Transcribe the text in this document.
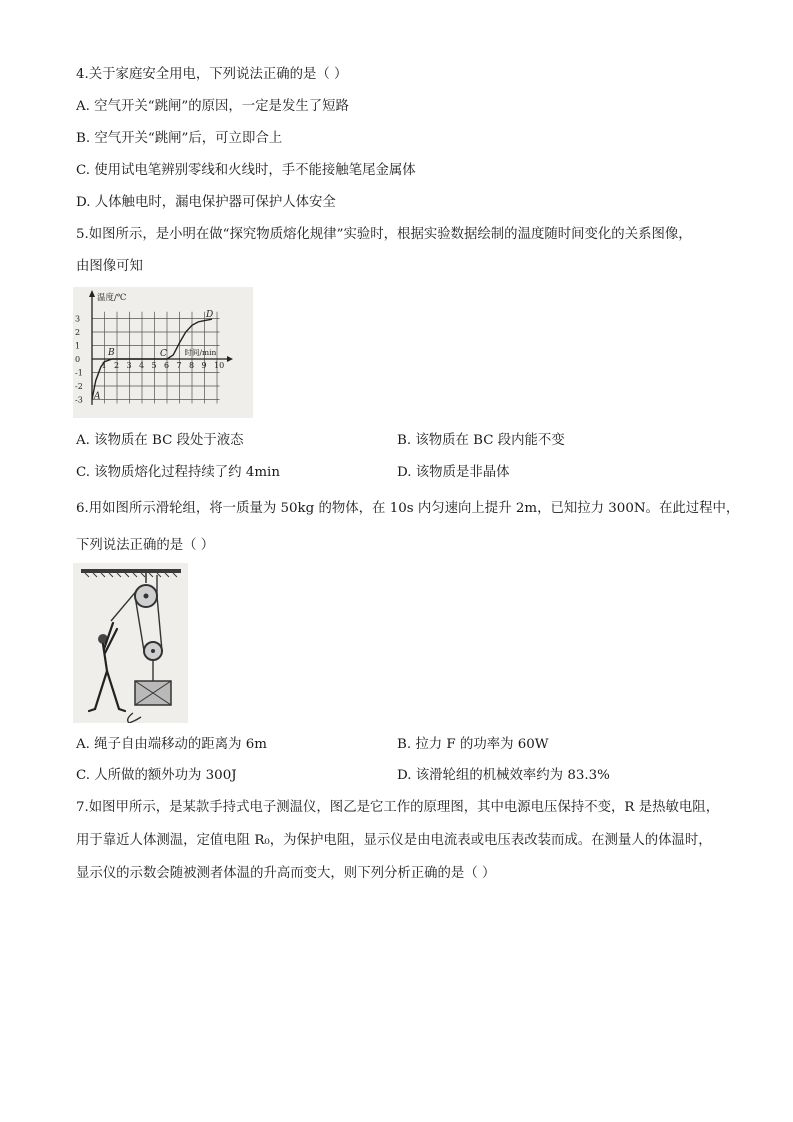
4.关于家庭安全用电，下列说法正确的是（ ）
A. 空气开关“跳闸”的原因，一定是发生了短路
B. 空气开关“跳闸”后，可立即合上
C. 使用试电笔辨别零线和火线时，手不能接触笔尾金属体
D. 人体触电时，漏电保护器可保护人体安全
5.如图所示，是小明在做“探究物质熔化规律”实验时，根据实验数据绘制的温度随时间变化的关系图像，
由图像可知
温度/℃
时间/min
1 2 3 4 5 6 7 8 9 10
3
2
1
0
-1
-2
-3 A
B	C
D
A. 该物质在 BC 段处于液态	B. 该物质在 BC 段内能不变
C. 该物质熔化过程持续了约 4min	D. 该物质是非晶体
6.用如图所示滑轮组，将一质量为 50kg 的物体，在 10s 内匀速向上提升 2m，已知拉力 300N。在此过程中，
下列说法正确的是（ ）
A. 绳子自由端移动的距离为 6m	B. 拉力 F 的功率为 60W
C. 人所做的额外功为 300J	D. 该滑轮组的机械效率约为 83.3%
7.如图甲所示，是某款手持式电子测温仪，图乙是它工作的原理图，其中电源电压保持不变，R 是热敏电阻，
用于靠近人体测温，定值电阻 R₀，为保护电阻，显示仪是由电流表或电压表改装而成。在测量人的体温时，
显示仪的示数会随被测者体温的升高而变大，则下列分析正确的是（ ）
